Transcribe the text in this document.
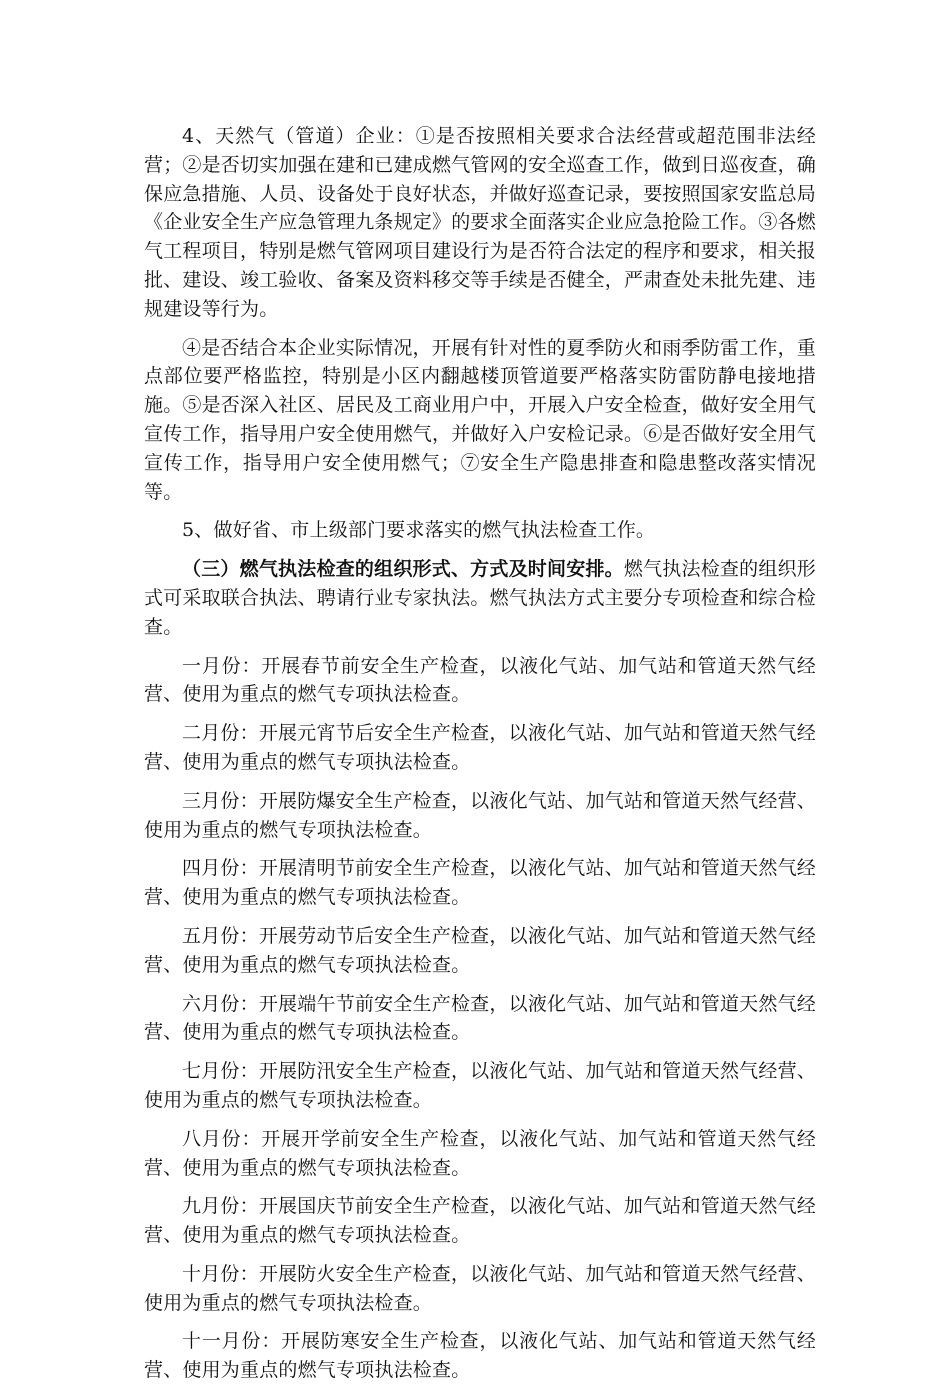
4、天然气（管道）企业：①是否按照相关要求合法经营或超范围非法经营；②是否切实加强在建和已建成燃气管网的安全巡查工作，做到日巡夜查，确保应急措施、人员、设备处于良好状态，并做好巡查记录，要按照国家安监总局《企业安全生产应急管理九条规定》的要求全面落实企业应急抢险工作。③各燃气工程项目，特别是燃气管网项目建设行为是否符合法定的程序和要求，相关报批、建设、竣工验收、备案及资料移交等手续是否健全，严肃查处未批先建、违规建设等行为。

④是否结合本企业实际情况，开展有针对性的夏季防火和雨季防雷工作，重点部位要严格监控，特别是小区内翻越楼顶管道要严格落实防雷防静电接地措施。⑤是否深入社区、居民及工商业用户中，开展入户安全检查，做好安全用气宣传工作，指导用户安全使用燃气，并做好入户安检记录。⑥是否做好安全用气宣传工作，指导用户安全使用燃气；⑦安全生产隐患排查和隐患整改落实情况等。

5、做好省、市上级部门要求落实的燃气执法检查工作。

（三）燃气执法检查的组织形式、方式及时间安排。燃气执法检查的组织形式可采取联合执法、聘请行业专家执法。燃气执法方式主要分专项检查和综合检查。

一月份：开展春节前安全生产检查，以液化气站、加气站和管道天然气经营、使用为重点的燃气专项执法检查。

二月份：开展元宵节后安全生产检查，以液化气站、加气站和管道天然气经营、使用为重点的燃气专项执法检查。

三月份：开展防爆安全生产检查，以液化气站、加气站和管道天然气经营、使用为重点的燃气专项执法检查。

四月份：开展清明节前安全生产检查，以液化气站、加气站和管道天然气经营、使用为重点的燃气专项执法检查。

五月份：开展劳动节后安全生产检查，以液化气站、加气站和管道天然气经营、使用为重点的燃气专项执法检查。

六月份：开展端午节前安全生产检查，以液化气站、加气站和管道天然气经营、使用为重点的燃气专项执法检查。

七月份：开展防汛安全生产检查，以液化气站、加气站和管道天然气经营、使用为重点的燃气专项执法检查。

八月份：开展开学前安全生产检查，以液化气站、加气站和管道天然气经营、使用为重点的燃气专项执法检查。

九月份：开展国庆节前安全生产检查，以液化气站、加气站和管道天然气经营、使用为重点的燃气专项执法检查。

十月份：开展防火安全生产检查，以液化气站、加气站和管道天然气经营、使用为重点的燃气专项执法检查。

十一月份：开展防寒安全生产检查，以液化气站、加气站和管道天然气经营、使用为重点的燃气专项执法检查。
